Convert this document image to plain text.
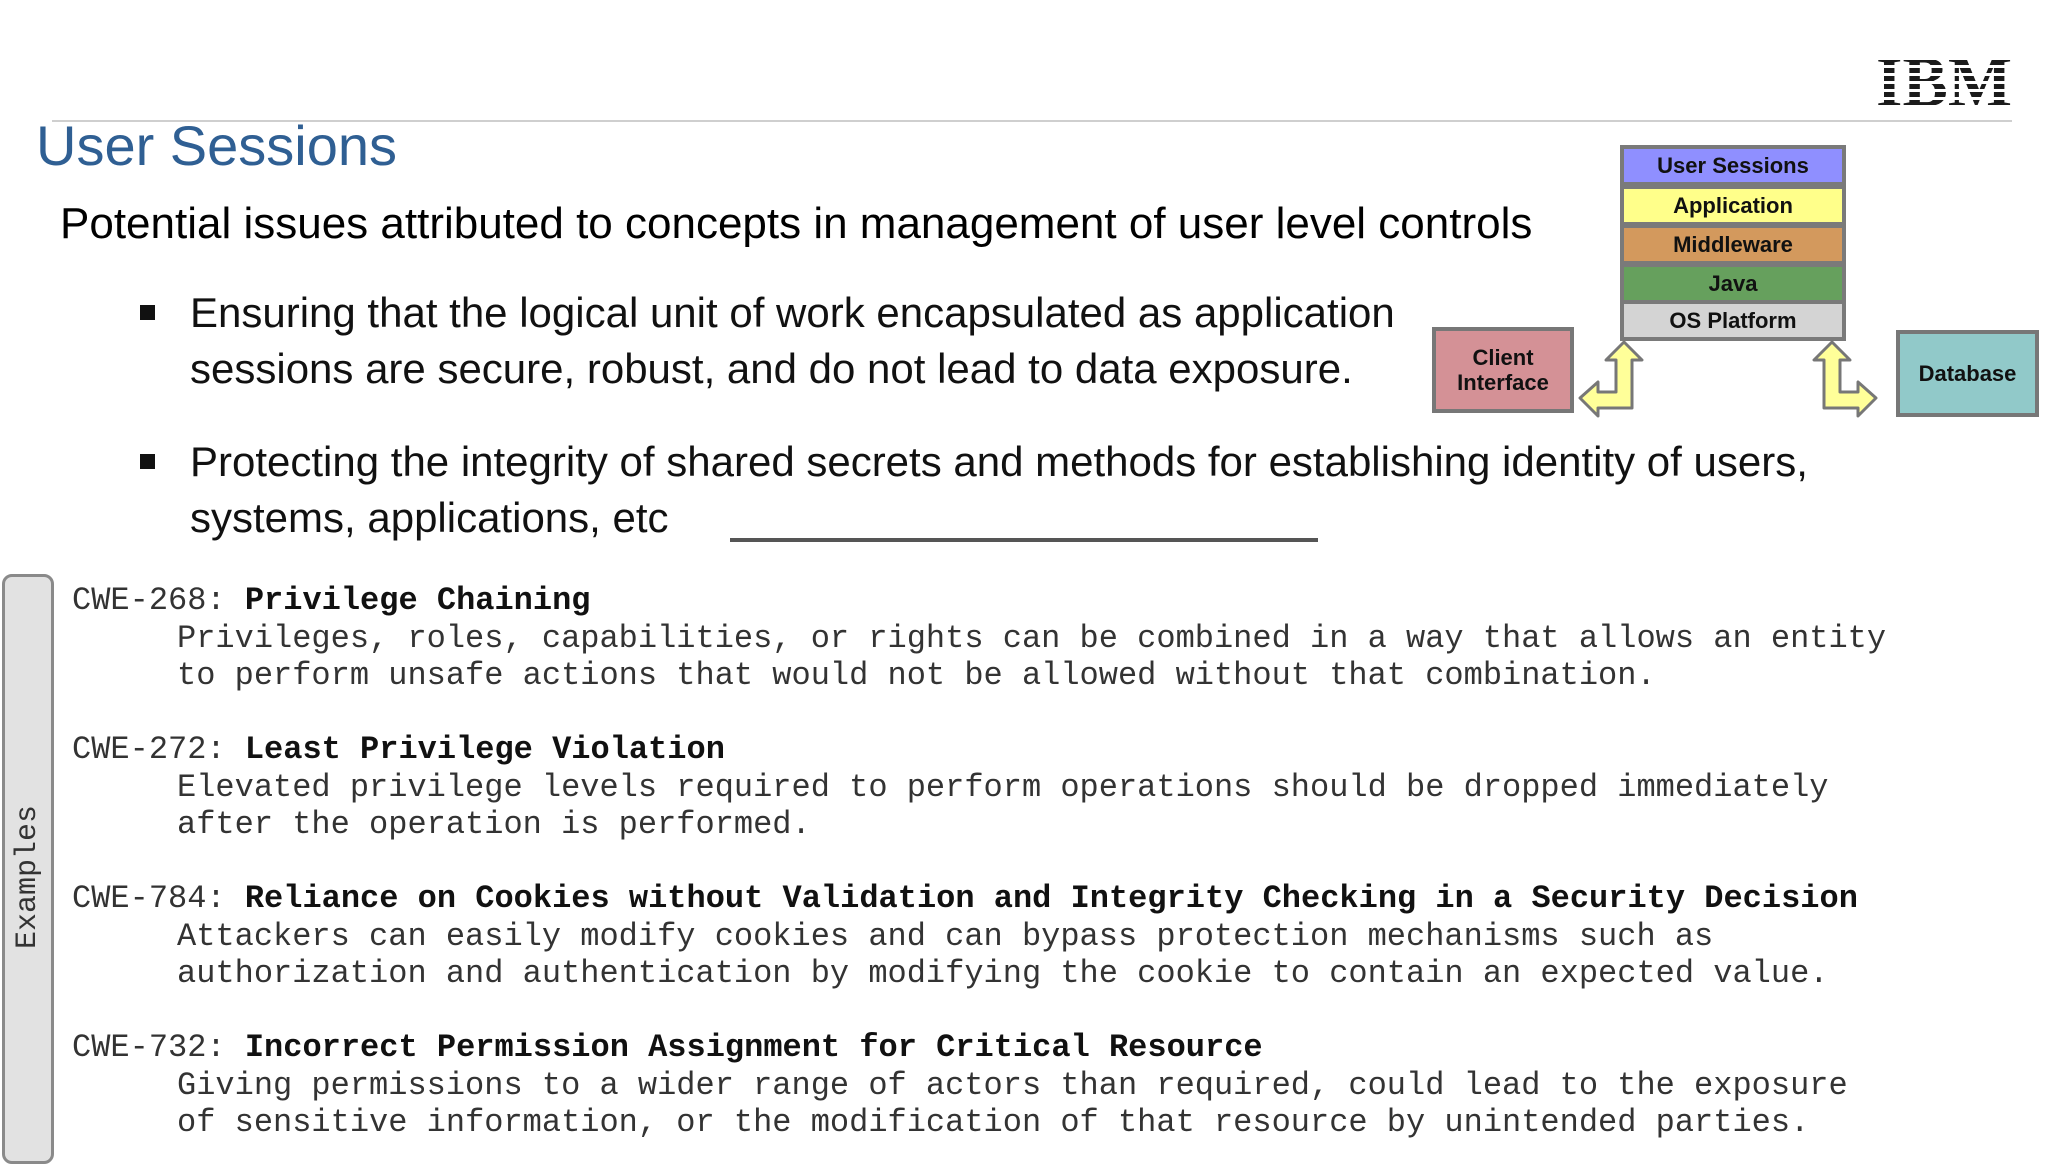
IBM
User Sessions
Potential issues attributed to concepts in management of user level controls
Ensuring that the logical unit of work encapsulated as application sessions are secure, robust, and do not lead to data exposure.
Protecting the integrity of shared secrets and methods for establishing identity of users, systems, applications, etc
User Sessions
Application
Middleware
Java
OS Platform
Client
Interface	Database
Examples
CWE-268: Privilege Chaining
Privileges, roles, capabilities, or rights can be combined in a way that allows an entity
to perform unsafe actions that would not be allowed without that combination.
CWE-272: Least Privilege Violation
Elevated privilege levels required to perform operations should be dropped immediately
after the operation is performed.
CWE-784: Reliance on Cookies without Validation and Integrity Checking in a Security Decision
Attackers can easily modify cookies and can bypass protection mechanisms such as
authorization and authentication by modifying the cookie to contain an expected value.
CWE-732: Incorrect Permission Assignment for Critical Resource
Giving permissions to a wider range of actors than required, could lead to the exposure
of sensitive information, or the modification of that resource by unintended parties.
